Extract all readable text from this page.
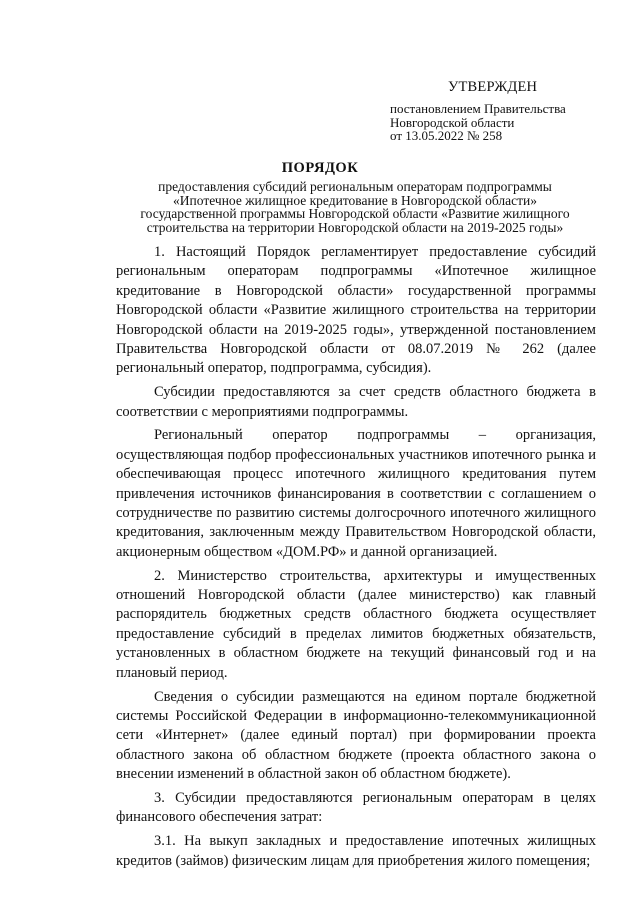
УТВЕРЖДЕН
постановлением Правительства
Новгородской области
от 13.05.2022 № 258
ПОРЯДОК
предоставления субсидий региональным операторам подпрограммы
«Ипотечное жилищное кредитование в Новгородской области»
государственной программы Новгородской области «Развитие жилищного
строительства на территории Новгородской области на 2019-2025 годы»

1. Настоящий Порядок регламентирует предоставление субсидий региональным операторам подпрограммы «Ипотечное жилищное кредитование в Новгородской области» государственной программы Новгородской области «Развитие жилищного строительства на территории Новгородской области на 2019-2025 годы», утвержденной постановлением Правительства Новгородской области от 08.07.2019 № 262 (далее региональный оператор, подпрограмма, субсидия).

Субсидии предоставляются за счет средств областного бюджета в соответствии с мероприятиями подпрограммы.

Региональный оператор подпрограммы – организация, осуществляющая подбор профессиональных участников ипотечного рынка и обеспечивающая процесс ипотечного жилищного кредитования путем привлечения источников финансирования в соответствии с соглашением о сотрудничестве по развитию системы долгосрочного ипотечного жилищного кредитования, заключенным между Правительством Новгородской области, акционерным обществом «ДОМ.РФ» и данной организацией.

2. Министерство строительства, архитектуры и имущественных отношений Новгородской области (далее министерство) как главный распорядитель бюджетных средств областного бюджета осуществляет предоставление субсидий в пределах лимитов бюджетных обязательств, установленных в областном бюджете на текущий финансовый год и на плановый период.

Сведения о субсидии размещаются на едином портале бюджетной системы Российской Федерации в информационно-телекоммуникационной сети «Интернет» (далее единый портал) при формировании проекта областного закона об областном бюджете (проекта областного закона о внесении изменений в областной закон об областном бюджете).

3. Субсидии предоставляются региональным операторам в целях финансового обеспечения затрат:

3.1. На выкуп закладных и предоставление ипотечных жилищных кредитов (займов) физическим лицам для приобретения жилого помещения;
